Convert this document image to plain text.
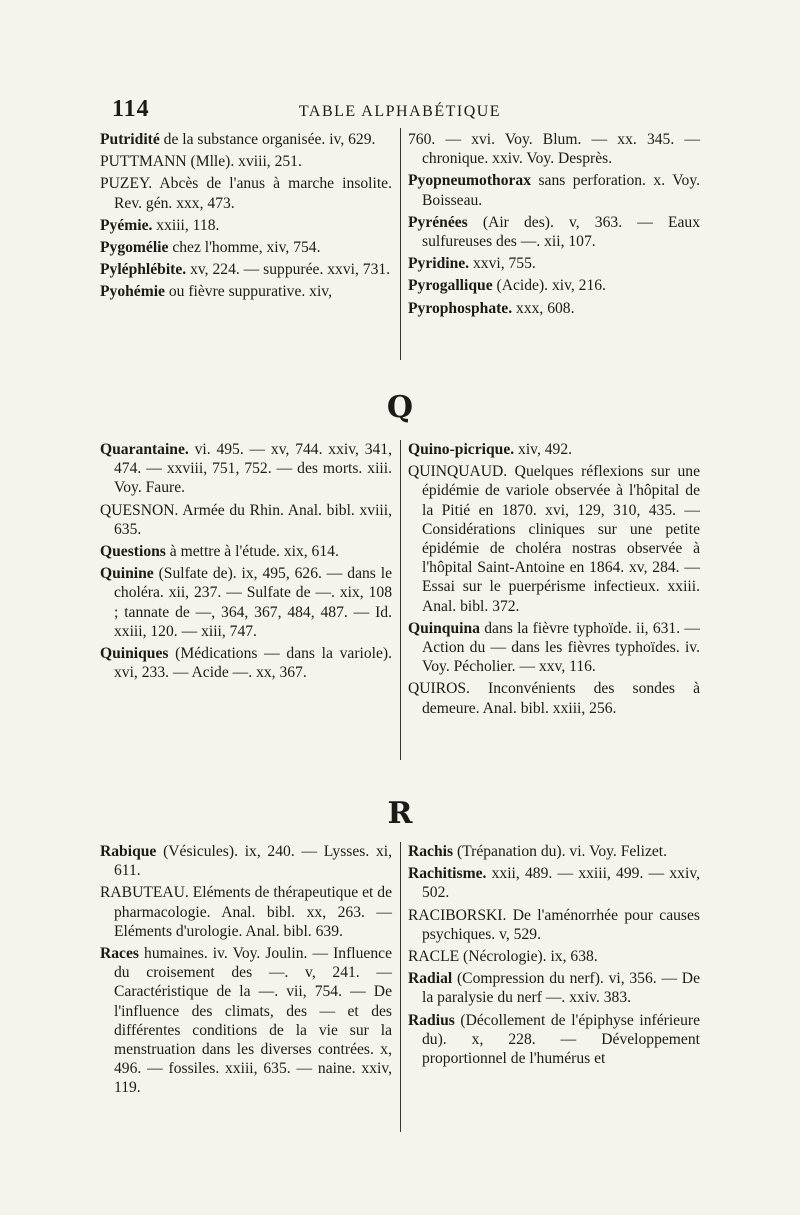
114	TABLE ALPHABÉTIQUE
Putridité de la substance organisée. iv, 629.
PUTTMANN (Mlle). xviii, 251.
PUZEY. Abcès de l'anus à marche insolite. Rev. gén. xxx, 473.
Pyémie. xxiii, 118.
Pygomélie chez l'homme, xiv, 754.
Pyléphlébite. xv, 224. — suppurée. xxvi, 731.
Pyohémie ou fièvre suppurative. xiv,
760. — xvi. Voy. Blum. — xx. 345. — chronique. xxiv. Voy. Desprès.
Pyopneumothorax sans perforation. x. Voy. Boisseau.
Pyrénées (Air des). v, 363. — Eaux sulfureuses des —. xii, 107.
Pyridine. xxvi, 755.
Pyrogallique (Acide). xiv, 216.
Pyrophosphate. xxx, 608.
Q
Quarantaine. vi. 495. — xv, 744. xxiv, 341, 474. — xxviii, 751, 752. — des morts. xiii. Voy. Faure.
QUESNON. Armée du Rhin. Anal. bibl. xviii, 635.
Questions à mettre à l'étude. xix, 614.
Quinine (Sulfate de). ix, 495, 626. — dans le choléra. xii, 237. — Sulfate de —. xix, 108 ; tannate de —, 364, 367, 484, 487. — Id. xxiii, 120. — xiii, 747.
Quiniques (Médications — dans la variole). xvi, 233. — Acide —. xx, 367.
Quino-picrique. xiv, 492.
QUINQUAUD. Quelques réflexions sur une épidémie de variole observée à l'hôpital de la Pitié en 1870. xvi, 129, 310, 435. — Considérations cliniques sur une petite épidémie de choléra nostras observée à l'hôpital Saint-Antoine en 1864. xv, 284. — Essai sur le puerpérisme infectieux. xxiii. Anal. bibl. 372.
Quinquina dans la fièvre typhoïde. ii, 631. — Action du — dans les fièvres typhoïdes. iv. Voy. Pécholier. — xxv, 116.
QUIROS. Inconvénients des sondes à demeure. Anal. bibl. xxiii, 256.
R
Rabique (Vésicules). ix, 240. — Lysses. xi, 611.
RABUTEAU. Eléments de thérapeutique et de pharmacologie. Anal. bibl. xx, 263. — Eléments d'urologie. Anal. bibl. 639.
Races humaines. iv. Voy. Joulin. — Influence du croisement des —. v, 241. — Caractéristique de la —. vii, 754. — De l'influence des climats, des — et des différentes conditions de la vie sur la menstruation dans les diverses contrées. x, 496. — fossiles. xxiii, 635. — naine. xxiv, 119.
Rachis (Trépanation du). vi. Voy. Felizet.
Rachitisme. xxii, 489. — xxiii, 499. — xxiv, 502.
RACIBORSKI. De l'aménorrhée pour causes psychiques. v, 529.
RACLE (Nécrologie). ix, 638.
Radial (Compression du nerf). vi, 356. — De la paralysie du nerf —. xxiv. 383.
Radius (Décollement de l'épiphyse inférieure du). x, 228. — Développement proportionnel de l'humérus et
